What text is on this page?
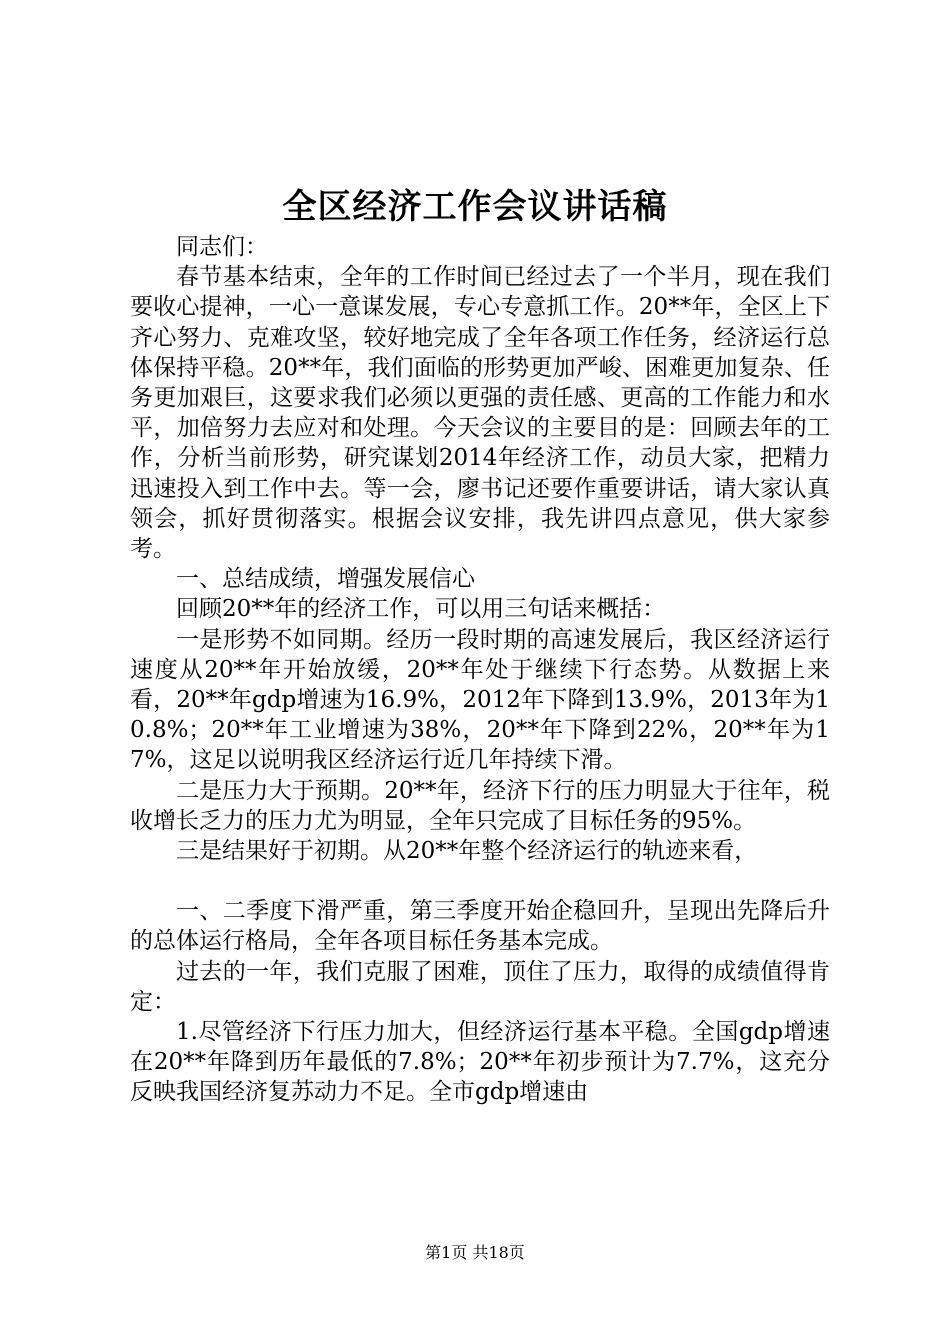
全区经济工作会议讲话稿

同志们：

春节基本结束，全年的工作时间已经过去了一个半月，现在我们要收心提神，一心一意谋发展，专心专意抓工作。20**年，全区上下齐心努力、克难攻坚，较好地完成了全年各项工作任务，经济运行总体保持平稳。20**年，我们面临的形势更加严峻、困难更加复杂、任务更加艰巨，这要求我们必须以更强的责任感、更高的工作能力和水平，加倍努力去应对和处理。今天会议的主要目的是：回顾去年的工作，分析当前形势，研究谋划2014年经济工作，动员大家，把精力迅速投入到工作中去。等一会，廖书记还要作重要讲话，请大家认真领会，抓好贯彻落实。根据会议安排，我先讲四点意见，供大家参考。

一、总结成绩，增强发展信心

回顾20**年的经济工作，可以用三句话来概括：

一是形势不如同期。经历一段时期的高速发展后，我区经济运行速度从20**年开始放缓，20**年处于继续下行态势。从数据上来看，20**年gdp增速为16.9%，2012年下降到13.9%，2013年为10.8%；20**年工业增速为38%，20**年下降到22%，20**年为17%，这足以说明我区经济运行近几年持续下滑。

二是压力大于预期。20**年，经济下行的压力明显大于往年，税收增长乏力的压力尤为明显，全年只完成了目标任务的95%。

三是结果好于初期。从20**年整个经济运行的轨迹来看，

一、二季度下滑严重，第三季度开始企稳回升，呈现出先降后升的总体运行格局，全年各项目标任务基本完成。

过去的一年，我们克服了困难，顶住了压力，取得的成绩值得肯定：

1.尽管经济下行压力加大，但经济运行基本平稳。全国gdp增速在20**年降到历年最低的7.8%；20**年初步预计为7.7%，这充分反映我国经济复苏动力不足。全市gdp增速由

第1页 共18页
